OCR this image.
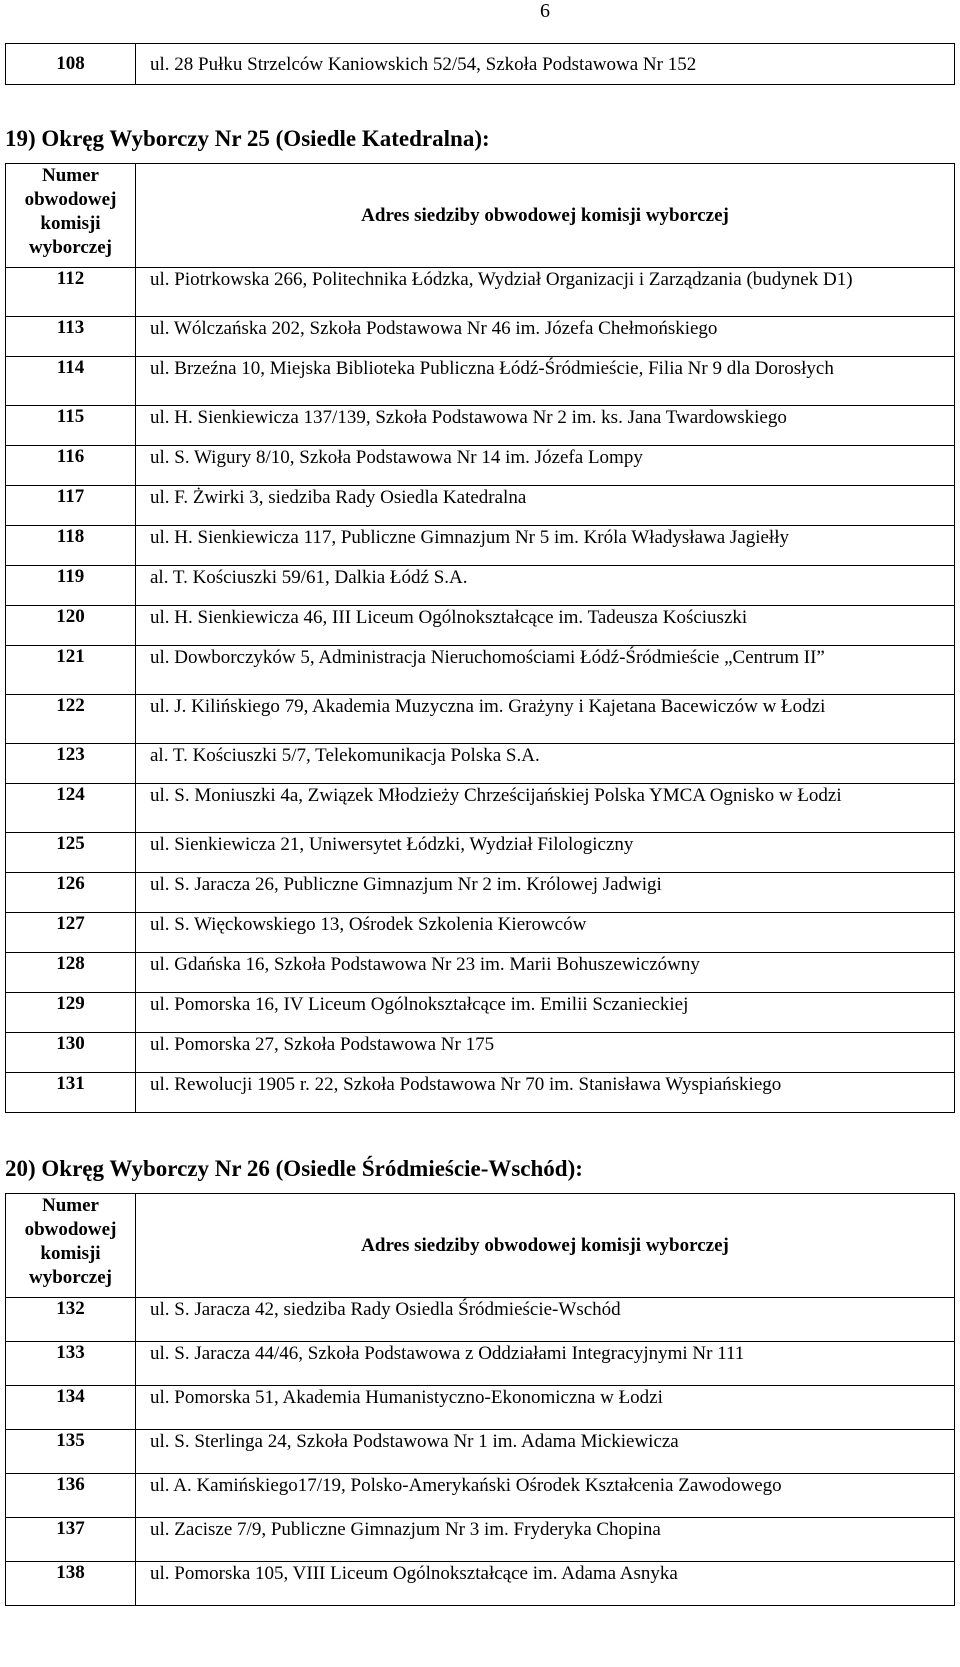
6
108	ul. 28 Pułku Strzelców Kaniowskich 52/54, Szkoła Podstawowa Nr 152
19) Okręg Wyborczy Nr 25 (Osiedle Katedralna):
Numer obwodowej komisji wyborczej	Adres siedziby obwodowej komisji wyborczej
112	ul. Piotrkowska 266, Politechnika Łódzka, Wydział Organizacji i Zarządzania (budynek D1)
113	ul. Wólczańska 202, Szkoła Podstawowa Nr 46 im. Józefa Chełmońskiego
114	ul. Brzeźna 10, Miejska Biblioteka Publiczna Łódź-Śródmieście, Filia Nr 9 dla Dorosłych
115	ul. H. Sienkiewicza 137/139, Szkoła Podstawowa Nr 2 im. ks. Jana Twardowskiego
116	ul. S. Wigury 8/10, Szkoła Podstawowa Nr 14 im. Józefa Lompy
117	ul. F. Żwirki 3, siedziba Rady Osiedla Katedralna
118	ul. H. Sienkiewicza 117, Publiczne Gimnazjum Nr 5 im. Króla Władysława Jagiełły
119	al. T. Kościuszki 59/61, Dalkia Łódź S.A.
120	ul. H. Sienkiewicza 46, III Liceum Ogólnokształcące im. Tadeusza Kościuszki
121	ul. Dowborczyków 5, Administracja Nieruchomościami Łódź-Śródmieście „Centrum II”
122	ul. J. Kilińskiego 79, Akademia Muzyczna im. Grażyny i Kajetana Bacewiczów w Łodzi
123	al. T. Kościuszki 5/7, Telekomunikacja Polska S.A.
124	ul. S. Moniuszki 4a, Związek Młodzieży Chrześcijańskiej Polska YMCA Ognisko w Łodzi
125	ul. Sienkiewicza 21, Uniwersytet Łódzki, Wydział Filologiczny
126	ul. S. Jaracza 26, Publiczne Gimnazjum Nr 2 im. Królowej Jadwigi
127	ul. S. Więckowskiego 13, Ośrodek Szkolenia Kierowców
128	ul. Gdańska 16, Szkoła Podstawowa Nr 23 im. Marii Bohuszewiczówny
129	ul. Pomorska 16, IV Liceum Ogólnokształcące im. Emilii Sczanieckiej
130	ul. Pomorska 27, Szkoła Podstawowa Nr 175
131	ul. Rewolucji 1905 r. 22, Szkoła Podstawowa Nr 70 im. Stanisława Wyspiańskiego
20) Okręg Wyborczy Nr 26 (Osiedle Śródmieście-Wschód):
Numer obwodowej komisji wyborczej	Adres siedziby obwodowej komisji wyborczej
132	ul. S. Jaracza 42, siedziba Rady Osiedla Śródmieście-Wschód
133	ul. S. Jaracza 44/46, Szkoła Podstawowa z Oddziałami Integracyjnymi Nr 111
134	ul. Pomorska 51, Akademia Humanistyczno-Ekonomiczna w Łodzi
135	ul. S. Sterlinga 24, Szkoła Podstawowa Nr 1 im. Adama Mickiewicza
136	ul. A. Kamińskiego17/19, Polsko-Amerykański Ośrodek Kształcenia Zawodowego
137	ul. Zacisze 7/9, Publiczne Gimnazjum Nr 3 im. Fryderyka Chopina
138	ul. Pomorska 105, VIII Liceum Ogólnokształcące im. Adama Asnyka
